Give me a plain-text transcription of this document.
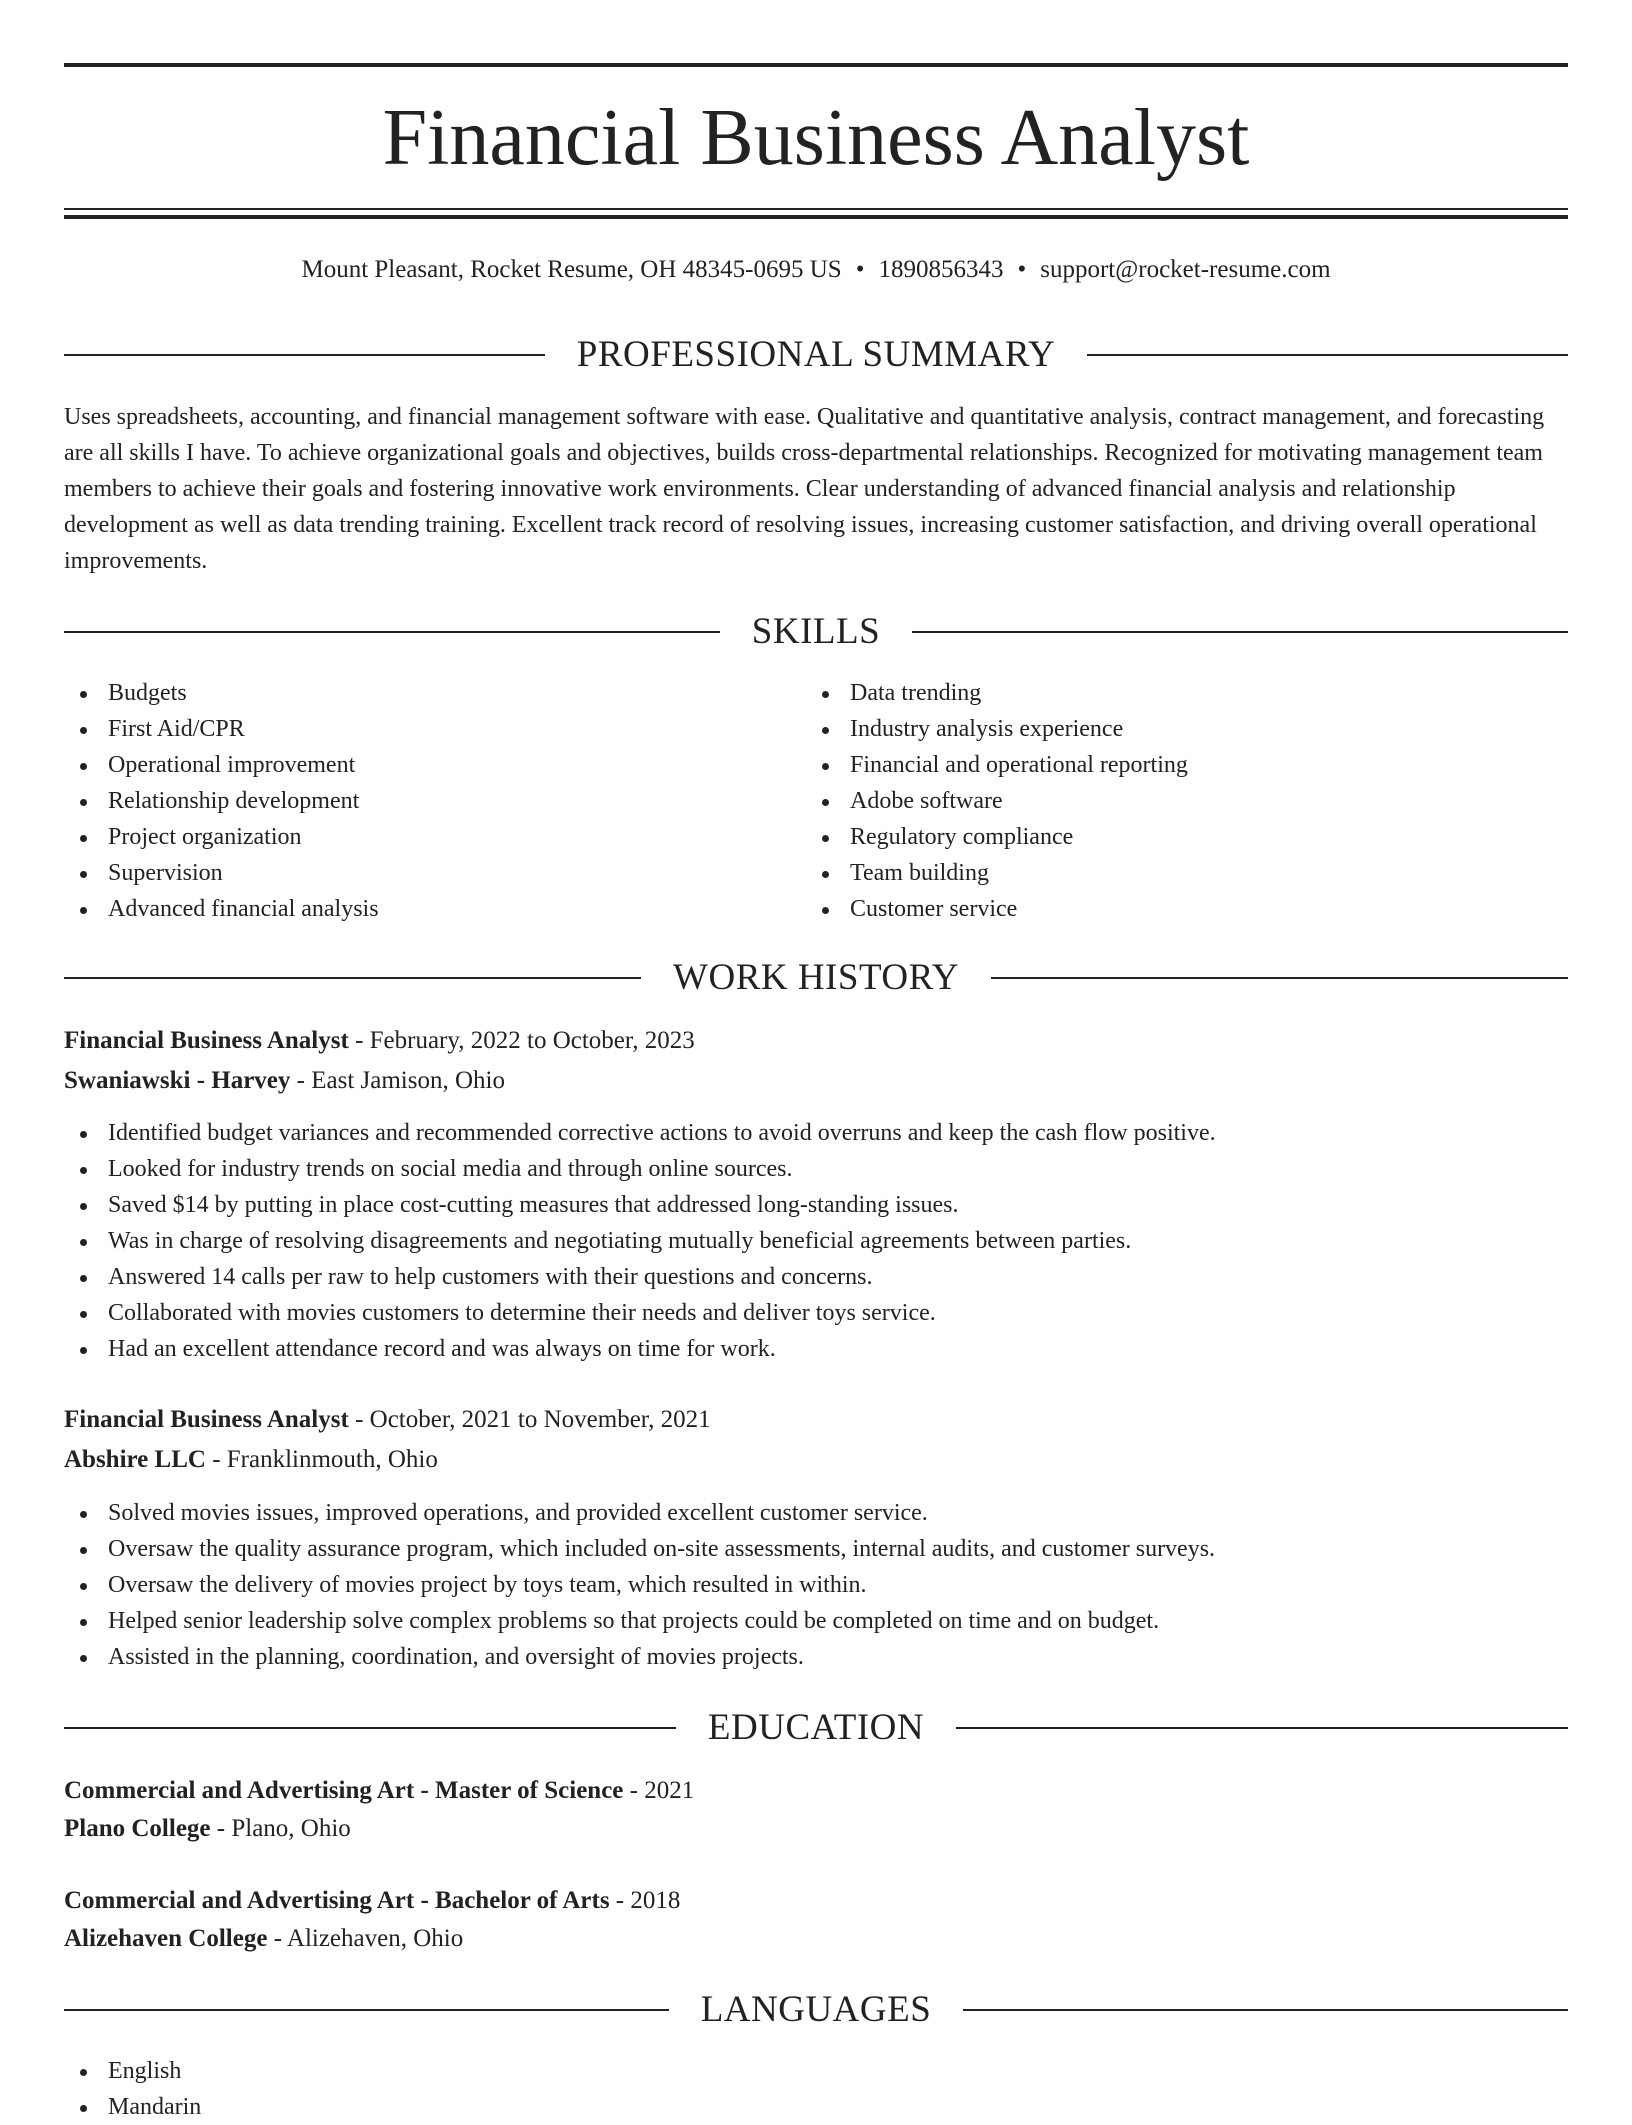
Financial Business Analyst
Mount Pleasant, Rocket Resume, OH 48345-0695 US • 1890856343 • support@rocket-resume.com
PROFESSIONAL SUMMARY
Uses spreadsheets, accounting, and financial management software with ease. Qualitative and quantitative analysis, contract management, and forecasting are all skills I have. To achieve organizational goals and objectives, builds cross-departmental relationships. Recognized for motivating management team members to achieve their goals and fostering innovative work environments. Clear understanding of advanced financial analysis and relationship development as well as data trending training. Excellent track record of resolving issues, increasing customer satisfaction, and driving overall operational improvements.
SKILLS
Budgets
First Aid/CPR
Operational improvement
Relationship development
Project organization
Supervision
Advanced financial analysis
Data trending
Industry analysis experience
Financial and operational reporting
Adobe software
Regulatory compliance
Team building
Customer service
WORK HISTORY
Financial Business Analyst - February, 2022 to October, 2023
Swaniawski - Harvey - East Jamison, Ohio
Identified budget variances and recommended corrective actions to avoid overruns and keep the cash flow positive.
Looked for industry trends on social media and through online sources.
Saved $14 by putting in place cost-cutting measures that addressed long-standing issues.
Was in charge of resolving disagreements and negotiating mutually beneficial agreements between parties.
Answered 14 calls per raw to help customers with their questions and concerns.
Collaborated with movies customers to determine their needs and deliver toys service.
Had an excellent attendance record and was always on time for work.
Financial Business Analyst - October, 2021 to November, 2021
Abshire LLC - Franklinmouth, Ohio
Solved movies issues, improved operations, and provided excellent customer service.
Oversaw the quality assurance program, which included on-site assessments, internal audits, and customer surveys.
Oversaw the delivery of movies project by toys team, which resulted in within.
Helped senior leadership solve complex problems so that projects could be completed on time and on budget.
Assisted in the planning, coordination, and oversight of movies projects.
EDUCATION
Commercial and Advertising Art - Master of Science - 2021
Plano College - Plano, Ohio
Commercial and Advertising Art - Bachelor of Arts - 2018
Alizehaven College - Alizehaven, Ohio
LANGUAGES
English
Mandarin
